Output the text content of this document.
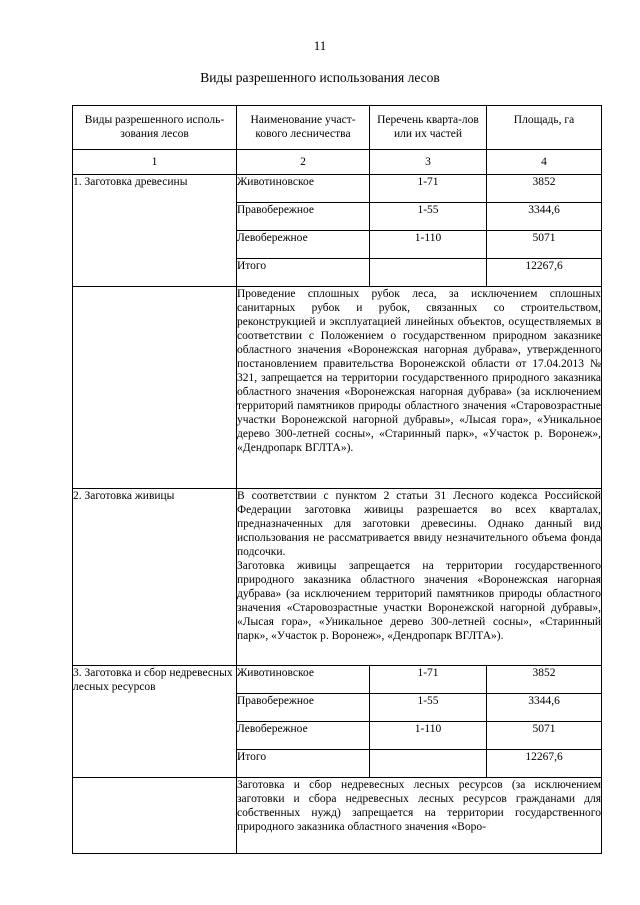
11
Виды разрешенного использования лесов
Виды разрешенного исполь-зования лесов	Наименование участ-кового лесничества	Перечень кварта-лов или их частей	Площадь, га
1	2	3	4
1. Заготовка древесины	Животиновское	1-71	3852
	Правобережное	1-55	3344,6
	Левобережное	1-110	5071
	Итого		12267,6
	Проведение сплошных рубок леса, за исключением сплошных санитарных рубок и рубок, связанных со строительством, реконструкцией и эксплуатацией линейных объектов, осуществляемых в соответствии с Положением о государственном природном заказнике областного значения «Воронежская нагорная дубрава», утвержденного постановлением правительства Воронежской области от 17.04.2013 № 321, запрещается на территории государственного природного заказника областного значения «Воронежская нагорная дубрава» (за исключением территорий памятников природы областного значения «Старовозрастные участки Воронежской нагорной дубравы», «Лысая гора», «Уникальное дерево 300-летней сосны», «Старинный парк», «Участок р. Воронеж», «Дендропарк ВГЛТА»).		
2. Заготовка живицы	В соответствии с пунктом 2 статьи 31 Лесного кодекса Российской Федерации заготовка живицы разрешается во всех кварталах, предназначенных для заготовки древесины. Однако данный вид использования не рассматривается ввиду незначительного объема фонда подсочки.

Заготовка живицы запрещается на территории государственного природного заказника областного значения «Воронежская нагорная дубрава» (за исключением территорий памятников природы областного значения «Старовозрастные участки Воронежской нагорной дубравы», «Лысая гора», «Уникальное дерево 300-летней сосны», «Старинный парк», «Участок р. Воронеж», «Дендропарк ВГЛТА»).		

3. Заготовка и сбор недревесных лесных ресурсов	Животиновское	1-71	3852
	Правобережное	1-55	3344,6
	Левобережное	1-110	5071
	Итого		12267,6
	Заготовка и сбор недревесных лесных ресурсов (за исключением заготовки и сбора недревесных лесных ресурсов гражданами для собственных нужд) запрещается на территории государственного природного заказника областного значения «Воро-		
